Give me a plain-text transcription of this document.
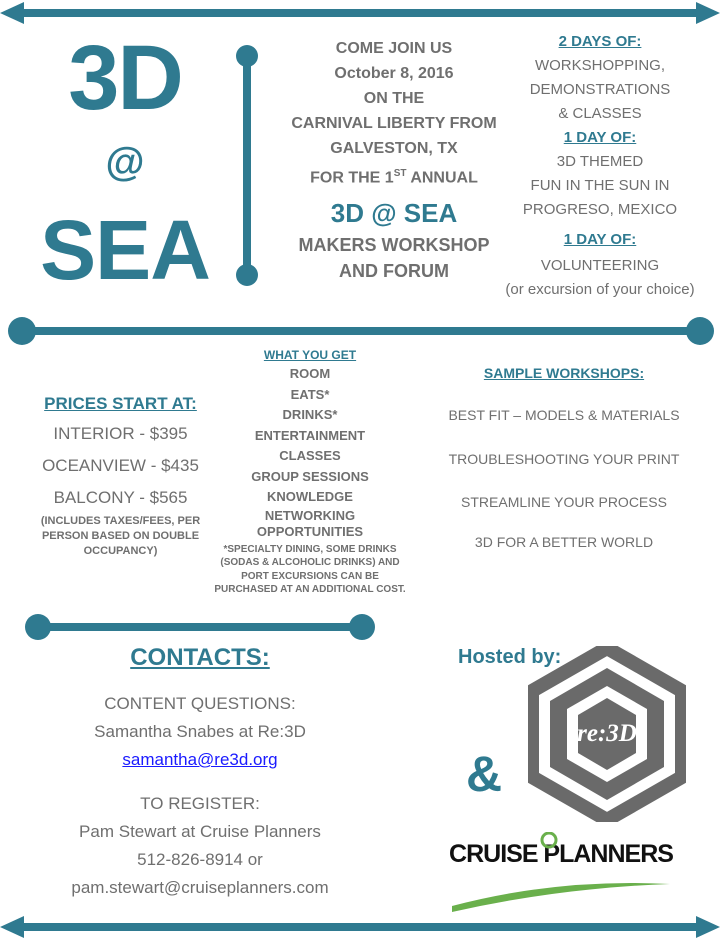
3D
@
SEA
COME JOIN US
October 8, 2016
ON THE
CARNIVAL LIBERTY FROM
GALVESTON, TX
FOR THE 1ST ANNUAL
3D @ SEA
MAKERS WORKSHOP
AND FORUM
2 DAYS OF:
WORKSHOPPING,
DEMONSTRATIONS
& CLASSES
1 DAY OF:
3D THEMED
FUN IN THE SUN IN
PROGRESO, MEXICO
1 DAY OF:
VOLUNTEERING
(or excursion of your choice)
PRICES START AT:
INTERIOR - $395
OCEANVIEW - $435
BALCONY - $565
(INCLUDES TAXES/FEES, PER
PERSON BASED ON DOUBLE
OCCUPANCY)
WHAT YOU GET
ROOM
EATS*
DRINKS*
ENTERTAINMENT
CLASSES
GROUP SESSIONS
KNOWLEDGE
NETWORKING
OPPORTUNITIES
*SPECIALTY DINING, SOME DRINKS
(SODAS & ALCOHOLIC DRINKS) AND
PORT EXCURSIONS CAN BE
PURCHASED AT AN ADDITIONAL COST.
SAMPLE WORKSHOPS:
BEST FIT – MODELS & MATERIALS
TROUBLESHOOTING YOUR PRINT
STREAMLINE YOUR PROCESS
3D FOR A BETTER WORLD
CONTACTS:
CONTENT QUESTIONS:
Samantha Snabes at Re:3D
samantha@re3d.org
TO REGISTER:
Pam Stewart at Cruise Planners
512-826-8914 or
pam.stewart@cruiseplanners.com
Hosted by:
&
re:3D
CRUISE PLANNERS
